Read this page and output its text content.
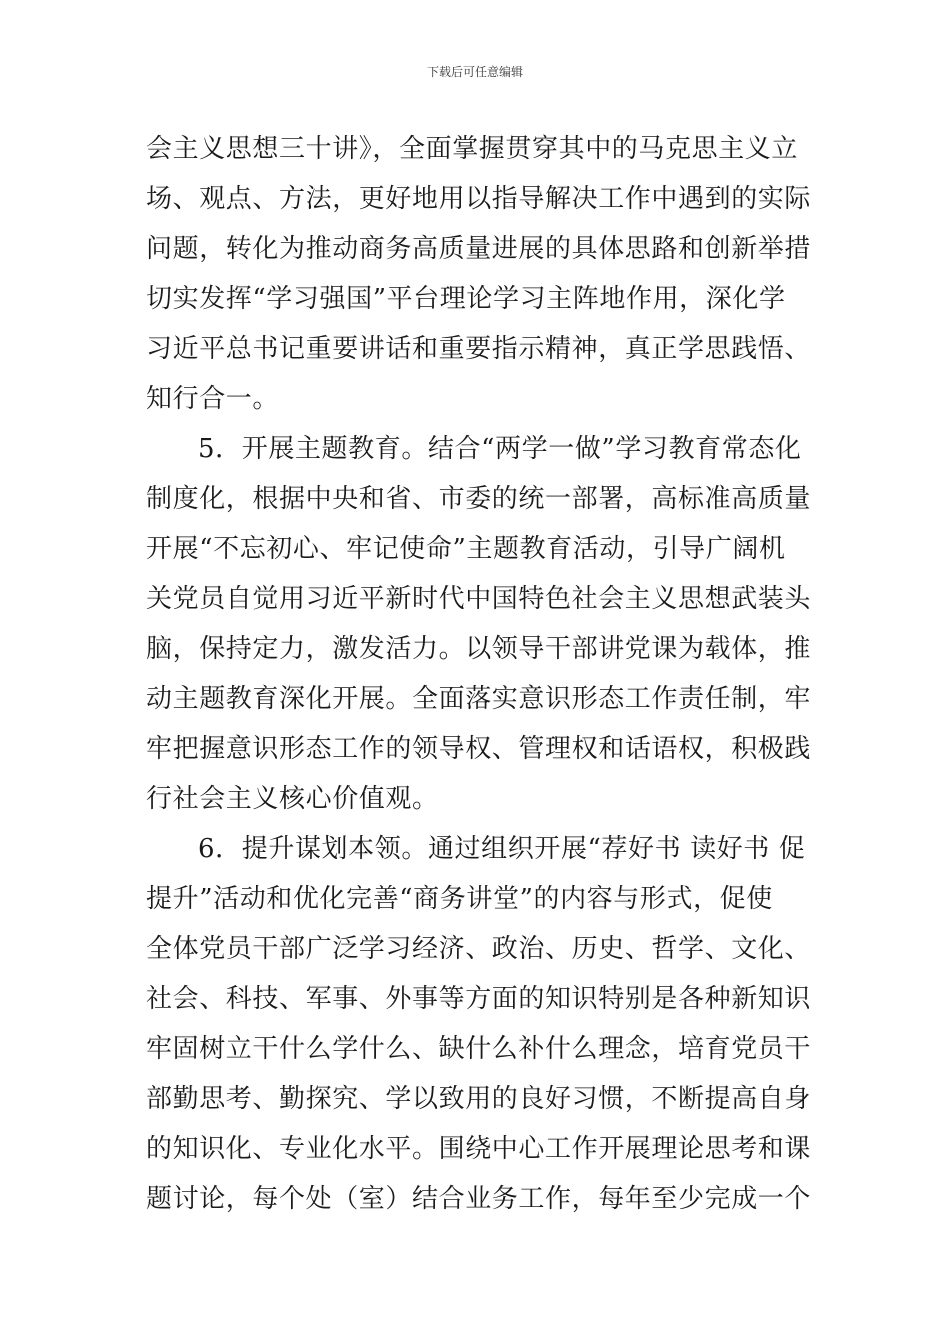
下载后可任意编辑
会主义思想三十讲》，全面掌握贯穿其中的马克思主义立
场、观点、方法，更好地用以指导解决工作中遇到的实际
问题，转化为推动商务高质量进展的具体思路和创新举措
切实发挥“学习强国”平台理论学习主阵地作用，深化学
习近平总书记重要讲话和重要指示精神，真正学思践悟、
知行合一。
5．开展主题教育。结合“两学一做”学习教育常态化
制度化，根据中央和省、市委的统一部署，高标准高质量
开展“不忘初心、牢记使命”主题教育活动，引导广阔机
关党员自觉用习近平新时代中国特色社会主义思想武装头
脑，保持定力，激发活力。以领导干部讲党课为载体，推
动主题教育深化开展。全面落实意识形态工作责任制，牢
牢把握意识形态工作的领导权、管理权和话语权，积极践
行社会主义核心价值观。
6．提升谋划本领。通过组织开展“荐好书 读好书 促
提升”活动和优化完善“商务讲堂”的内容与形式，促使
全体党员干部广泛学习经济、政治、历史、哲学、文化、
社会、科技、军事、外事等方面的知识特别是各种新知识
牢固树立干什么学什么、缺什么补什么理念，培育党员干
部勤思考、勤探究、学以致用的良好习惯，不断提高自身
的知识化、专业化水平。围绕中心工作开展理论思考和课
题讨论，每个处（室）结合业务工作，每年至少完成一个
